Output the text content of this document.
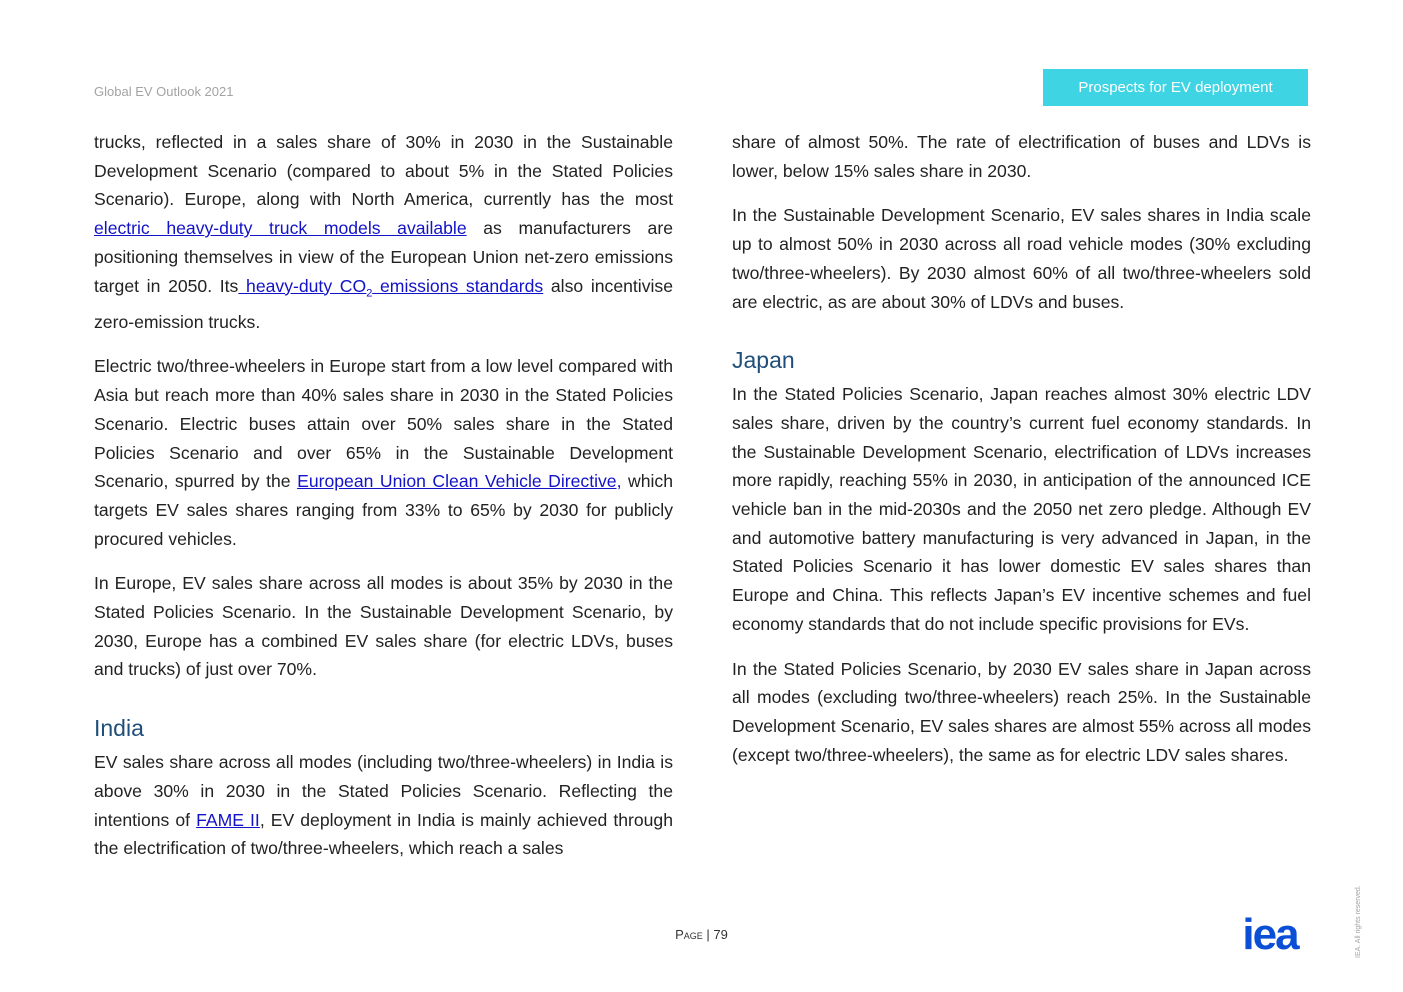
Global EV Outlook 2021	Prospects for EV deployment

trucks, reflected in a sales share of 30% in 2030 in the Sustainable Development Scenario (compared to about 5% in the Stated Policies Scenario). Europe, along with North America, currently has the most electric heavy-duty truck models available as manufacturers are positioning themselves in view of the European Union net-zero emissions target in 2050. Its heavy-duty $CO_2$ emissions standards also incentivise zero-emission trucks.

Electric two/three-wheelers in Europe start from a low level compared with Asia but reach more than 40% sales share in 2030 in the Stated Policies Scenario. Electric buses attain over 50% sales share in the Stated Policies Scenario and over 65% in the Sustainable Development Scenario, spurred by the European Union Clean Vehicle Directive, which targets EV sales shares ranging from 33% to 65% by 2030 for publicly procured vehicles.

In Europe, EV sales share across all modes is about 35% by 2030 in the Stated Policies Scenario. In the Sustainable Development Scenario, by 2030, Europe has a combined EV sales share (for electric LDVs, buses and trucks) of just over 70%.

India

EV sales share across all modes (including two/three-wheelers) in India is above 30% in 2030 in the Stated Policies Scenario. Reflecting the intentions of FAME II, EV deployment in India is mainly achieved through the electrification of two/three-wheelers, which reach a sales

share of almost 50%. The rate of electrification of buses and LDVs is lower, below 15% sales share in 2030.

In the Sustainable Development Scenario, EV sales shares in India scale up to almost 50% in 2030 across all road vehicle modes (30% excluding two/three-wheelers). By 2030 almost 60% of all two/three-wheelers sold are electric, as are about 30% of LDVs and buses.

Japan

In the Stated Policies Scenario, Japan reaches almost 30% electric LDV sales share, driven by the country’s current fuel economy standards. In the Sustainable Development Scenario, electrification of LDVs increases more rapidly, reaching 55% in 2030, in anticipation of the announced ICE vehicle ban in the mid-2030s and the 2050 net zero pledge. Although EV and automotive battery manufacturing is very advanced in Japan, in the Stated Policies Scenario it has lower domestic EV sales shares than Europe and China. This reflects Japan’s EV incentive schemes and fuel economy standards that do not include specific provisions for EVs.

In the Stated Policies Scenario, by 2030 EV sales share in Japan across all modes (excluding two/three-wheelers) reach 25%. In the Sustainable Development Scenario, EV sales shares are almost 55% across all modes (except two/three-wheelers), the same as for electric LDV sales shares.

Page | 79	iea	IEA. All rights reserved.
